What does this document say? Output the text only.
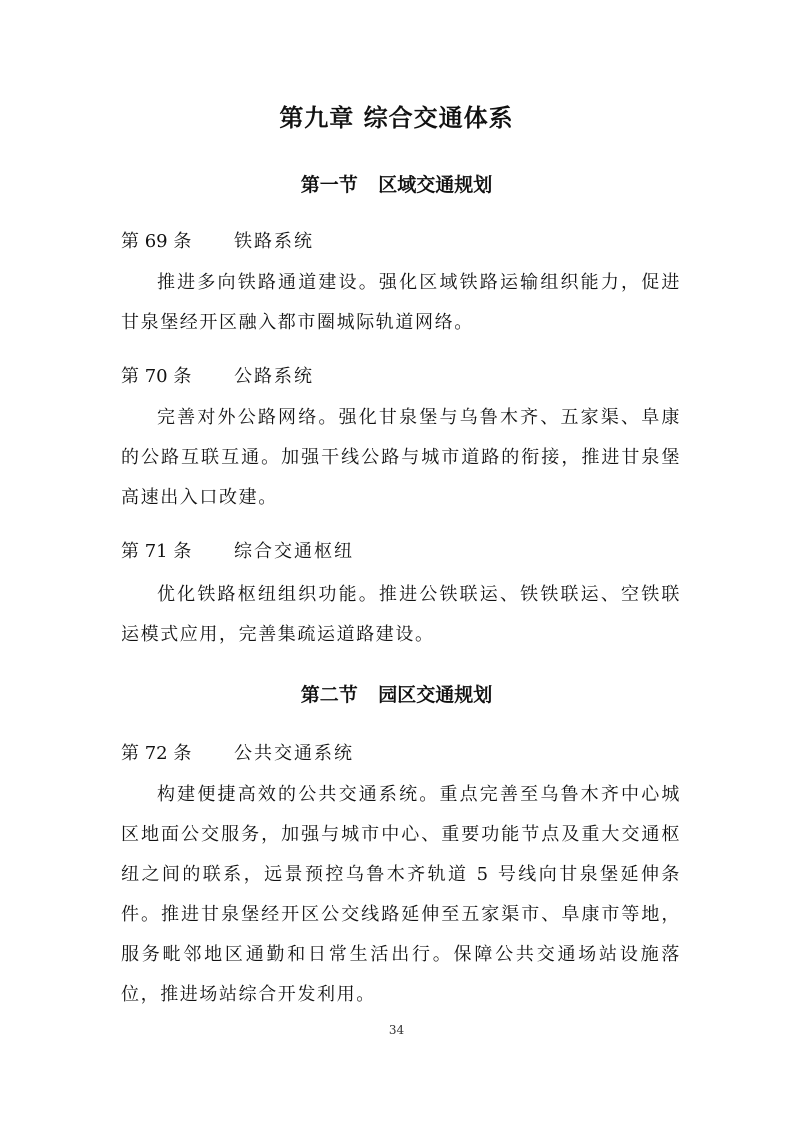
第九章 综合交通体系
第一节 区域交通规划
第 69 条 铁路系统
推进多向铁路通道建设。强化区域铁路运输组织能力，促进甘泉堡经开区融入都市圈城际轨道网络。
第 70 条 公路系统
完善对外公路网络。强化甘泉堡与乌鲁木齐、五家渠、阜康的公路互联互通。加强干线公路与城市道路的衔接，推进甘泉堡高速出入口改建。
第 71 条 综合交通枢纽
优化铁路枢纽组织功能。推进公铁联运、铁铁联运、空铁联运模式应用，完善集疏运道路建设。
第二节 园区交通规划
第 72 条 公共交通系统
构建便捷高效的公共交通系统。重点完善至乌鲁木齐中心城区地面公交服务，加强与城市中心、重要功能节点及重大交通枢纽之间的联系，远景预控乌鲁木齐轨道 5 号线向甘泉堡延伸条件。推进甘泉堡经开区公交线路延伸至五家渠市、阜康市等地，服务毗邻地区通勤和日常生活出行。保障公共交通场站设施落位，推进场站综合开发利用。
34
